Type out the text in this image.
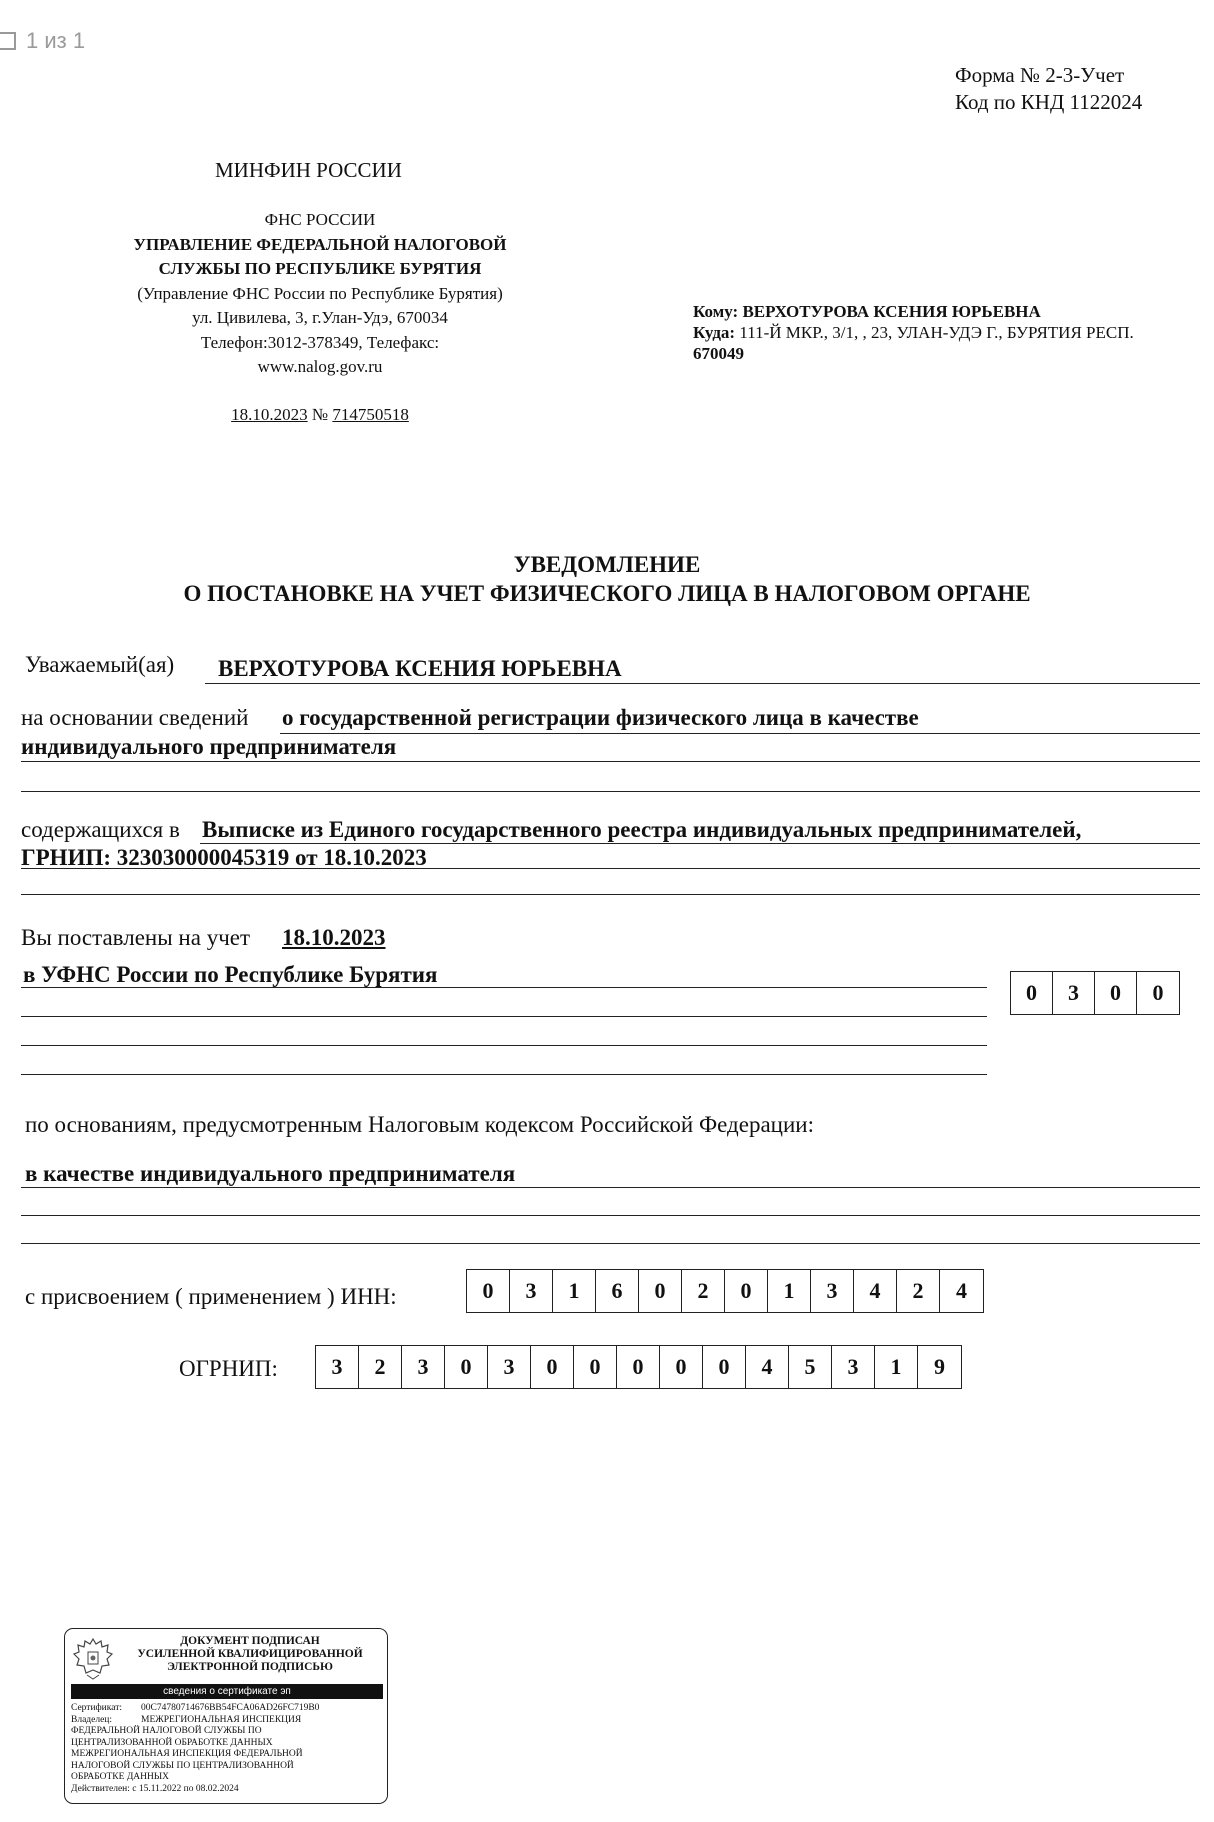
1 из 1
Форма № 2-3-Учет
Код по КНД 1122024
МИНФИН РОССИИ
ФНС РОССИИ
УПРАВЛЕНИЕ ФЕДЕРАЛЬНОЙ НАЛОГОВОЙ
СЛУЖБЫ ПО РЕСПУБЛИКЕ БУРЯТИЯ
(Управление ФНС России по Республике Бурятия)
ул. Цивилева, 3, г.Улан-Удэ, 670034
Телефон:3012-378349, Телефакс:
www.nalog.gov.ru
18.10.2023 № 714750518
Кому: ВЕРХОТУРОВА КСЕНИЯ ЮРЬЕВНА
Куда: 111-Й МКР., 3/1, , 23, УЛАН-УДЭ Г., БУРЯТИЯ РЕСП.
670049
УВЕДОМЛЕНИЕ
О ПОСТАНОВКЕ НА УЧЕТ ФИЗИЧЕСКОГО ЛИЦА В НАЛОГОВОМ ОРГАНЕ
Уважаемый(ая) ВЕРХОТУРОВА КСЕНИЯ ЮРЬЕВНА
на основании сведений о государственной регистрации физического лица в качестве
индивидуального предпринимателя
содержащихся в Выписке из Единого государственного реестра индивидуальных предпринимателей,
ГРНИП: 323030000045319 от 18.10.2023
Вы поставлены на учет 18.10.2023
в УФНС России по Республике Бурятия
0	3	0	0
по основаниям, предусмотренным Налоговым кодексом Российской Федерации:
в качестве индивидуального предпринимателя
с присвоением ( применением ) ИНН:	0	3	1	6	0	2	0	1	3	4	2	4
ОГРНИП:	3	2	3	0	3	0	0	0	0	0	4	5	3	1	9
ДОКУМЕНТ ПОДПИСАН
УСИЛЕННОЙ КВАЛИФИЦИРОВАННОЙ
ЭЛЕКТРОННОЙ ПОДПИСЬЮ
сведения о сертификате эп
Сертификат: 00C74780714676BB54FCA06AD26FC719B0
Владелец:	МЕЖРЕГИОНАЛЬНАЯ ИНСПЕКЦИЯ
ФЕДЕРАЛЬНОЙ НАЛОГОВОЙ СЛУЖБЫ ПО
ЦЕНТРАЛИЗОВАННОЙ ОБРАБОТКЕ ДАННЫХ
МЕЖРЕГИОНАЛЬНАЯ ИНСПЕКЦИЯ ФЕДЕРАЛЬНОЙ
НАЛОГОВОЙ СЛУЖБЫ ПО ЦЕНТРАЛИЗОВАННОЙ
ОБРАБОТКЕ ДАННЫХ
Действителен: с 15.11.2022 по 08.02.2024
